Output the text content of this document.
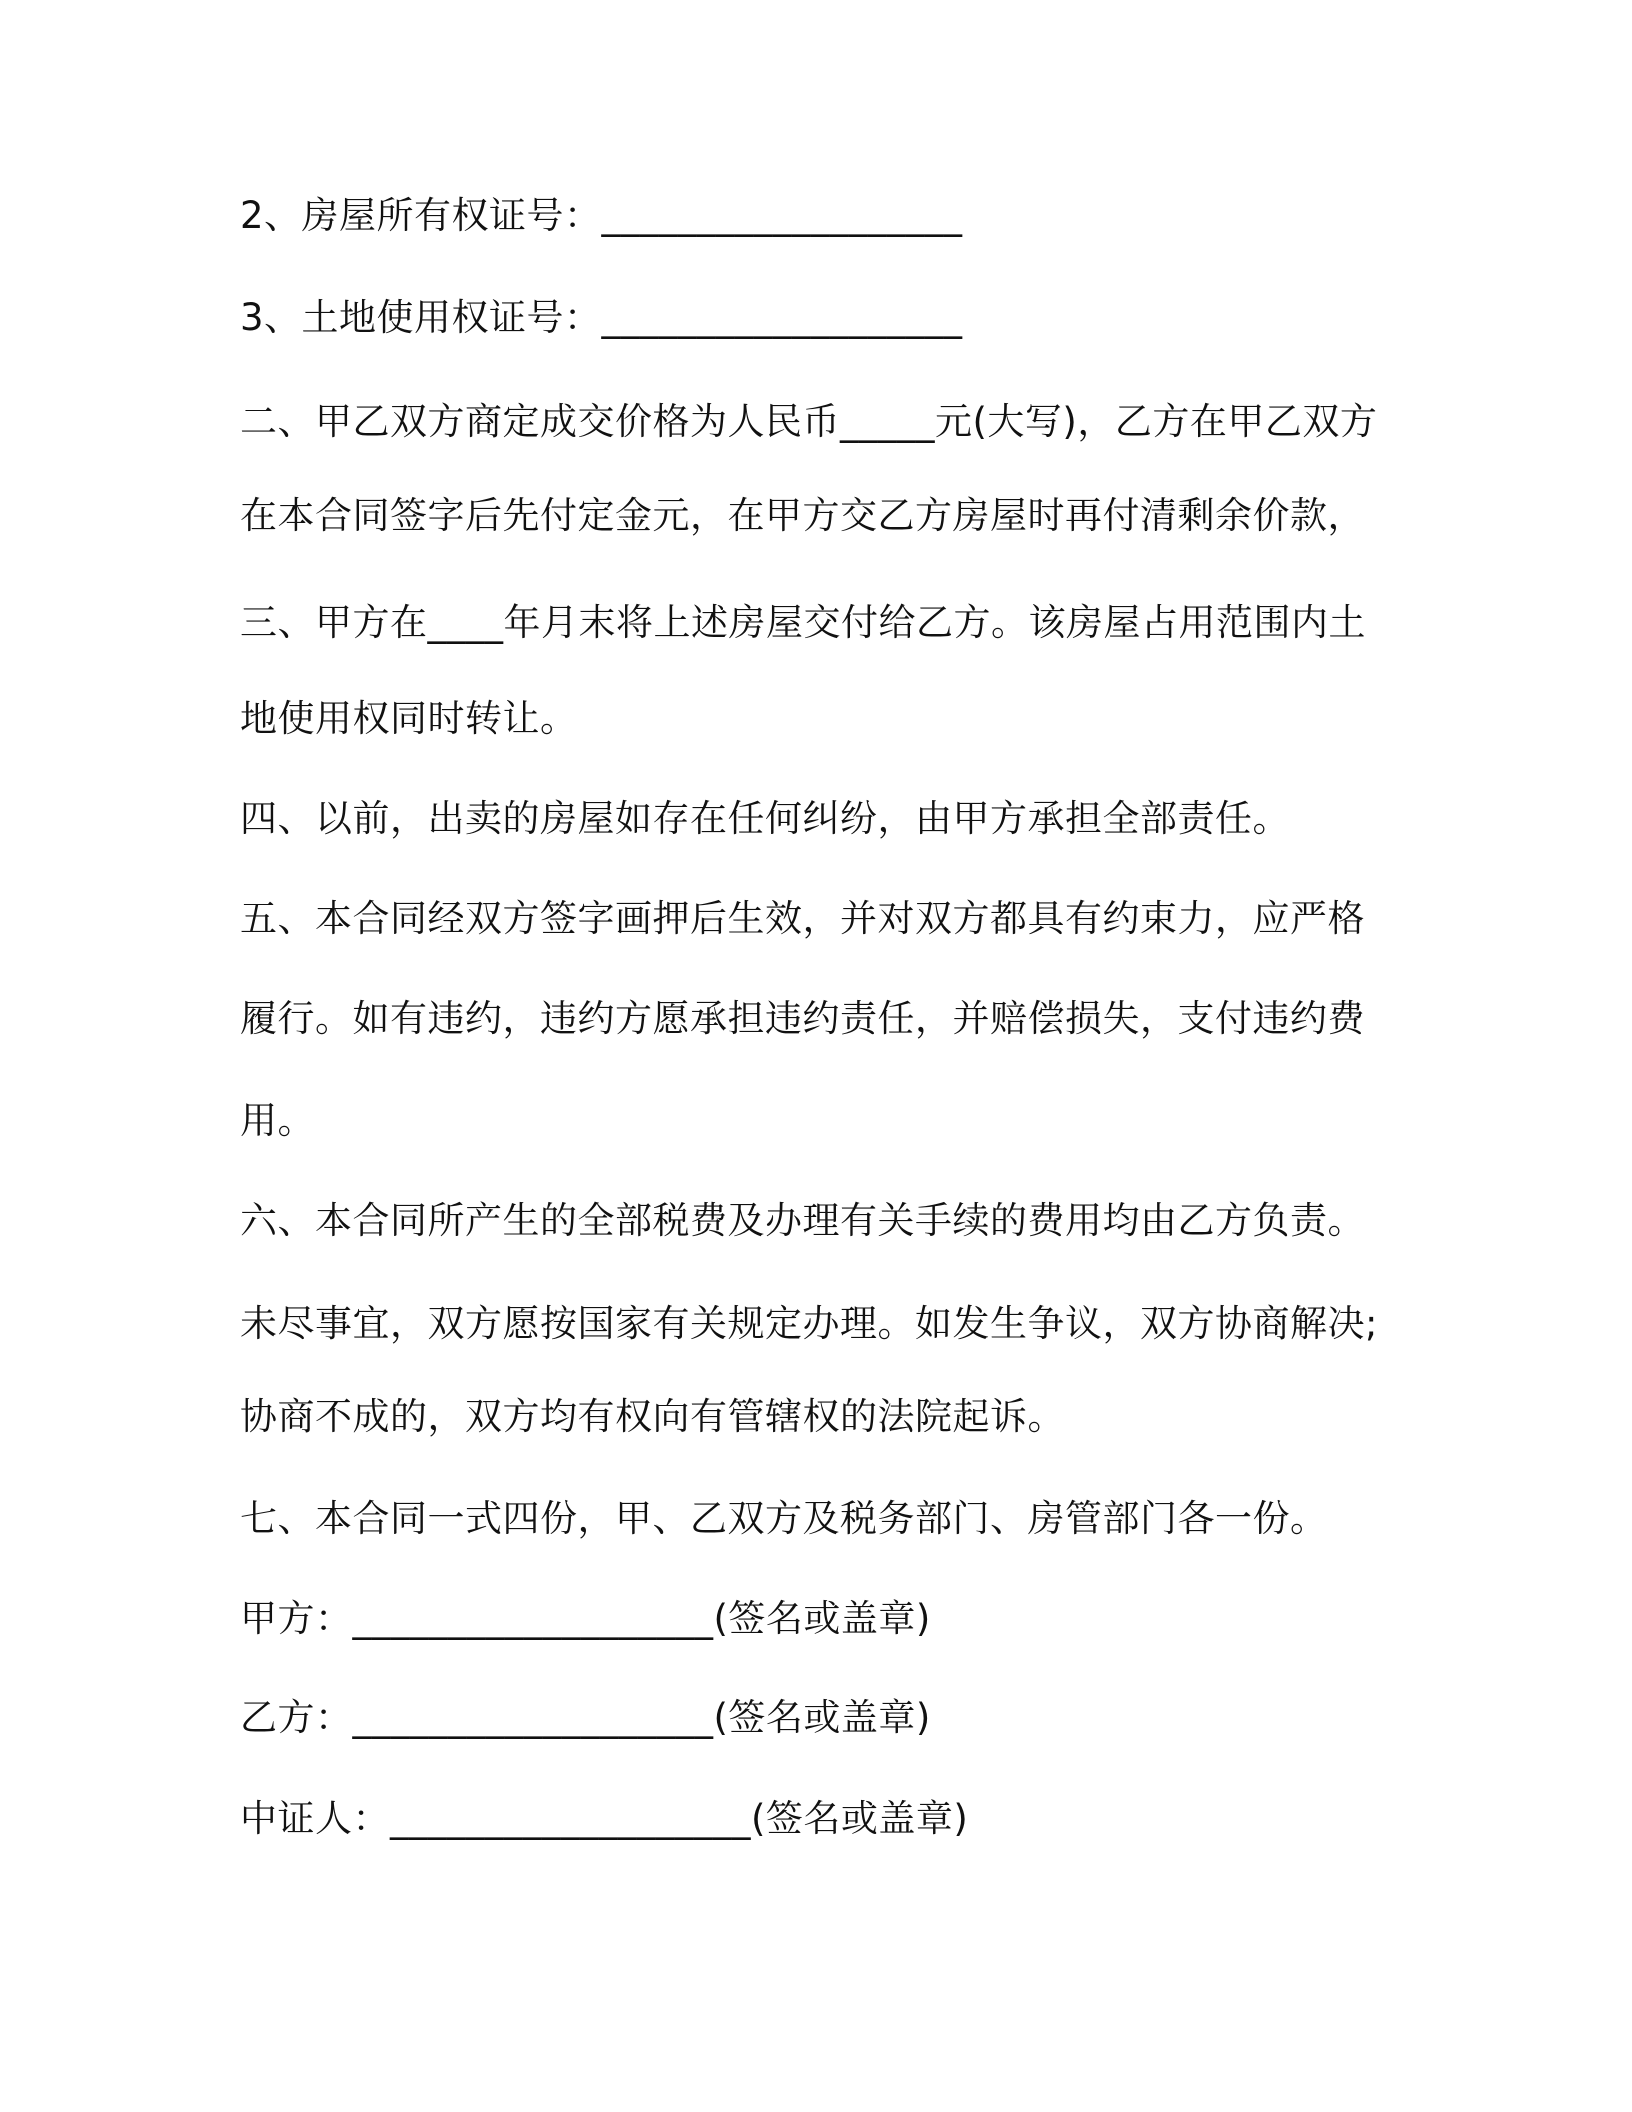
2、房屋所有权证号：___________________
3、土地使用权证号：___________________
二、甲乙双方商定成交价格为人民币_____元(大写)，乙方在甲乙双方
在本合同签字后先付定金元，在甲方交乙方房屋时再付清剩余价款，
三、甲方在____年月末将上述房屋交付给乙方。该房屋占用范围内土
地使用权同时转让。
四、以前，出卖的房屋如存在任何纠纷，由甲方承担全部责任。
五、本合同经双方签字画押后生效，并对双方都具有约束力，应严格
履行。如有违约，违约方愿承担违约责任，并赔偿损失，支付违约费
用。
六、本合同所产生的全部税费及办理有关手续的费用均由乙方负责。
未尽事宜，双方愿按国家有关规定办理。如发生争议，双方协商解决;
协商不成的，双方均有权向有管辖权的法院起诉。
七、本合同一式四份，甲、乙双方及税务部门、房管部门各一份。
甲方：___________________(签名或盖章)
乙方：___________________(签名或盖章)
中证人：___________________(签名或盖章)
